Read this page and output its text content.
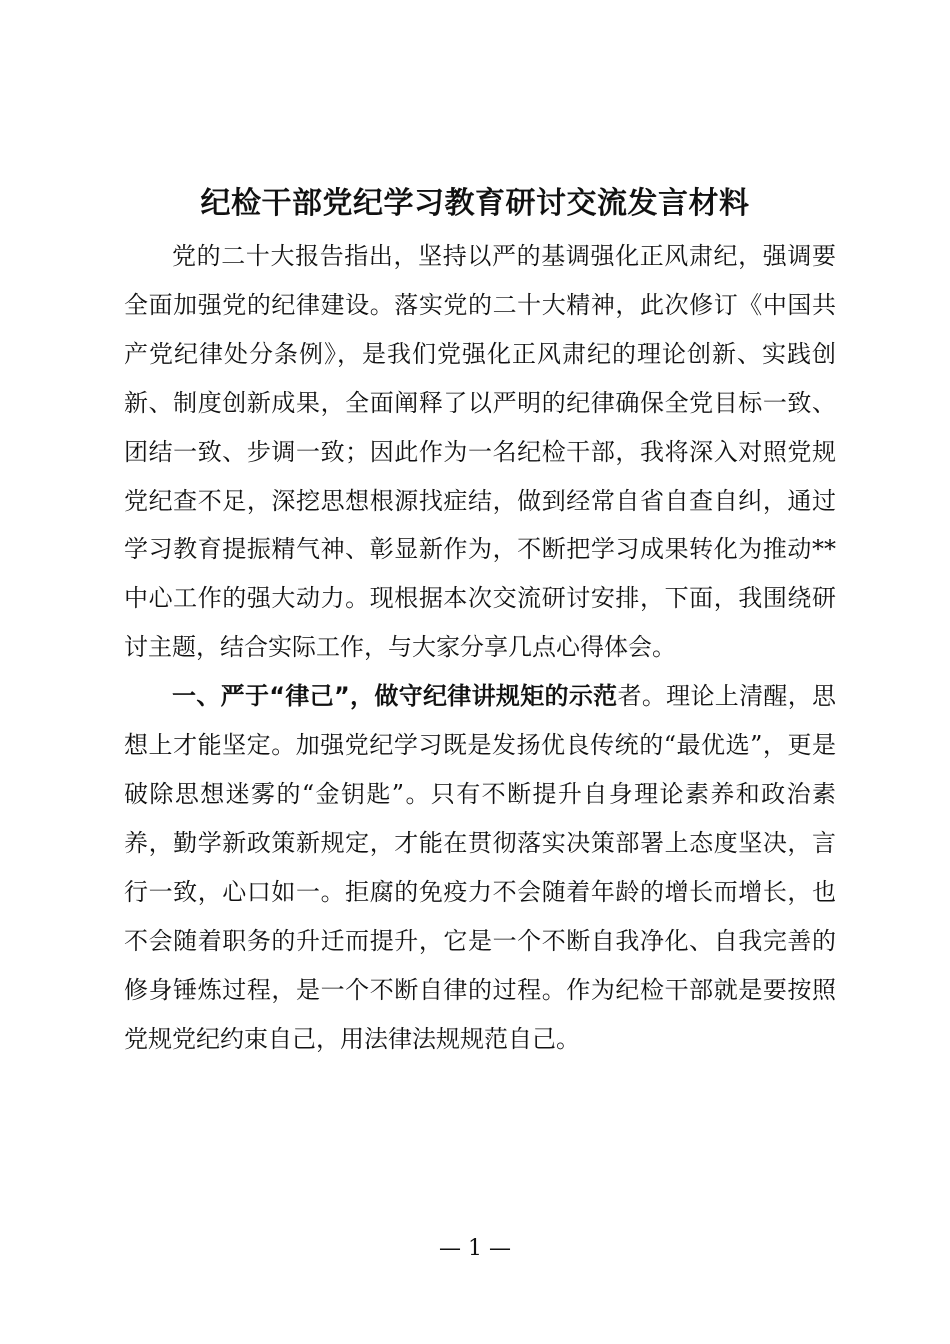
纪检干部党纪学习教育研讨交流发言材料

党的二十大报告指出，坚持以严的基调强化正风肃纪，强调要全面加强党的纪律建设。落实党的二十大精神，此次修订《中国共产党纪律处分条例》，是我们党强化正风肃纪的理论创新、实践创新、制度创新成果，全面阐释了以严明的纪律确保全党目标一致、团结一致、步调一致；因此作为一名纪检干部，我将深入对照党规党纪查不足，深挖思想根源找症结，做到经常自省自查自纠，通过学习教育提振精气神、彰显新作为，不断把学习成果转化为推动**中心工作的强大动力。现根据本次交流研讨安排，下面，我围绕研讨主题，结合实际工作，与大家分享几点心得体会。

一、严于“律己”，做守纪律讲规矩的示范者。理论上清醒，思想上才能坚定。加强党纪学习既是发扬优良传统的“最优选”，更是破除思想迷雾的“金钥匙”。只有不断提升自身理论素养和政治素养，勤学新政策新规定，才能在贯彻落实决策部署上态度坚决，言行一致，心口如一。拒腐的免疫力不会随着年龄的增长而增长，也不会随着职务的升迁而提升，它是一个不断自我净化、自我完善的修身锤炼过程，是一个不断自律的过程。作为纪检干部就是要按照党规党纪约束自己，用法律法规规范自己。

— 1 —
